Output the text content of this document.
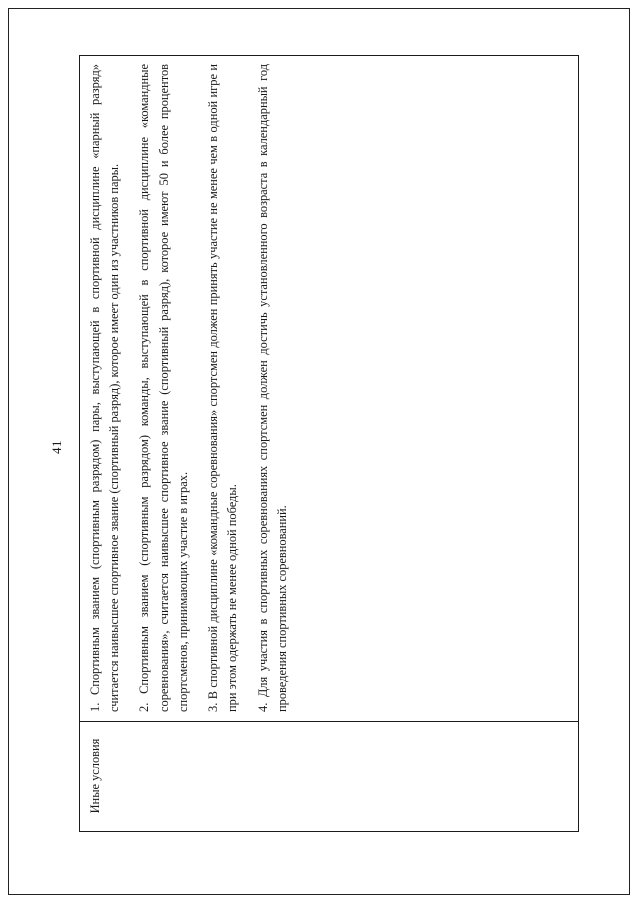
41
Иные условия	

1. Спортивным званием (спортивным разрядом) пары, выступающей в спортивной дисциплине «парный разряд» считается наивысшее спортивное звание (спортивный разряд), которое имеет один из участников пары. 2. Спортивным званием (спортивным разрядом) команды, выступающей в спортивной дисциплине «командные соревнования», считается наивысшее спортивное звание (спортивный разряд), которое имеют 50 и более процентов спортсменов, принимающих участие в играх. 3. В спортивной дисциплине «командные соревнования» спортсмен должен принять участие не менее чем в одной игре и при этом одержать не менее одной победы. 4. Для участия в спортивных соревнованиях спортсмен должен достичь установленного возраста в календарный год проведения спортивных соревнований.
